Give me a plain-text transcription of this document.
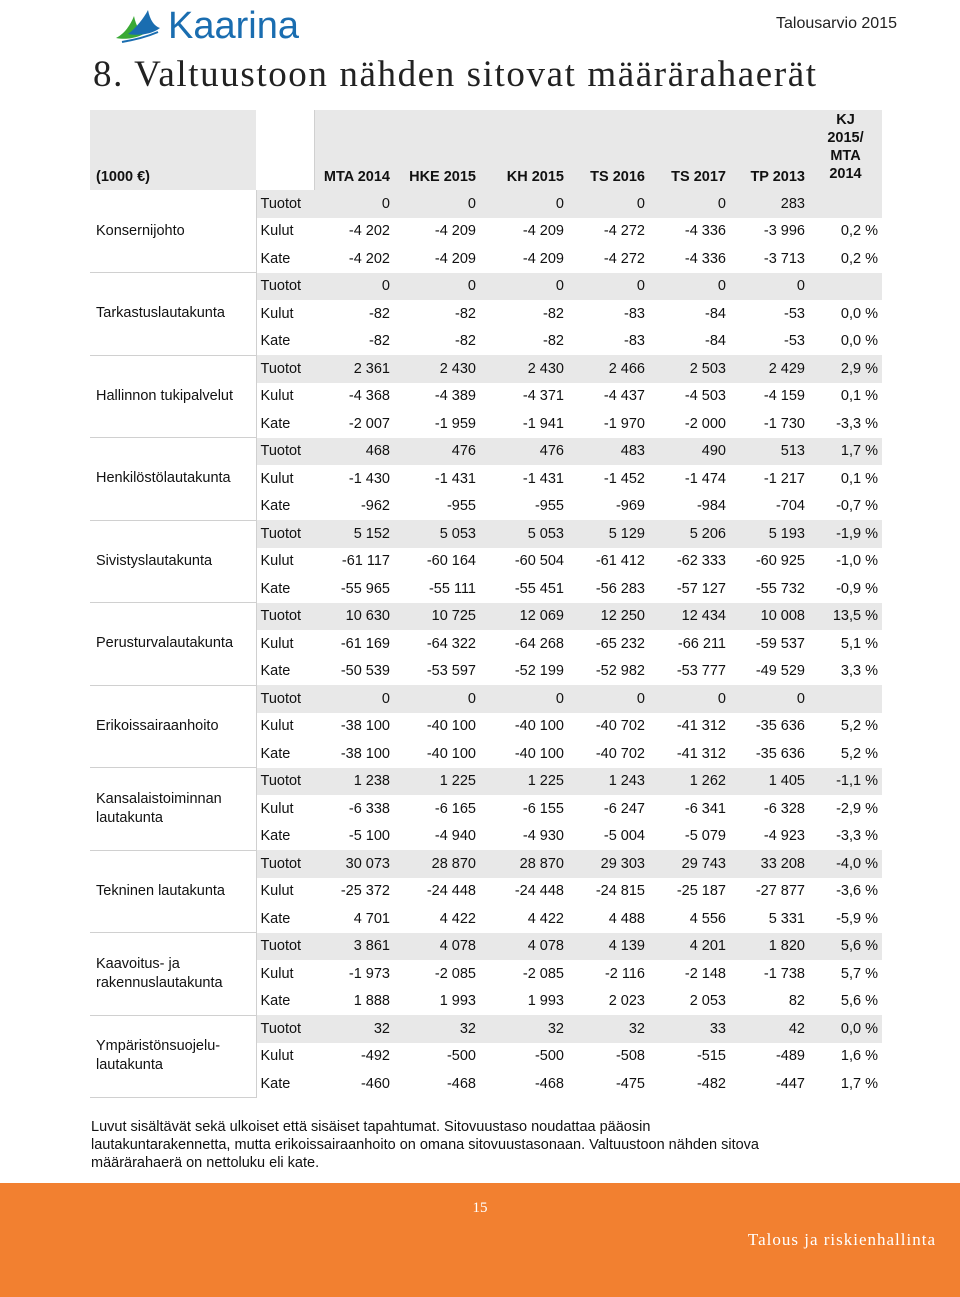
Kaarina	Talousarvio 2015
8. Valtuustoon nähden sitovat määrärahaerät
(1000 €)		MTA 2014	HKE 2015	KH 2015	TS 2016	TS 2017	TP 2013	KJ
2015/
MTA
2014
Konsernijohto	Tuotot	0	0	0	0	0	283	
	Kulut	-4 202	-4 209	-4 209	-4 272	-4 336	-3 996	0,2 %
	Kate	-4 202	-4 209	-4 209	-4 272	-4 336	-3 713	0,2 %
Tarkastuslautakunta	Tuotot	0	0	0	0	0	0	
	Kulut	-82	-82	-82	-83	-84	-53	0,0 %
	Kate	-82	-82	-82	-83	-84	-53	0,0 %
Hallinnon tukipalvelut	Tuotot	2 361	2 430	2 430	2 466	2 503	2 429	2,9 %
	Kulut	-4 368	-4 389	-4 371	-4 437	-4 503	-4 159	0,1 %
	Kate	-2 007	-1 959	-1 941	-1 970	-2 000	-1 730	-3,3 %
Henkilöstölautakunta	Tuotot	468	476	476	483	490	513	1,7 %
	Kulut	-1 430	-1 431	-1 431	-1 452	-1 474	-1 217	0,1 %
	Kate	-962	-955	-955	-969	-984	-704	-0,7 %
Sivistyslautakunta	Tuotot	5 152	5 053	5 053	5 129	5 206	5 193	-1,9 %
	Kulut	-61 117	-60 164	-60 504	-61 412	-62 333	-60 925	-1,0 %
	Kate	-55 965	-55 111	-55 451	-56 283	-57 127	-55 732	-0,9 %
Perusturvalautakunta	Tuotot	10 630	10 725	12 069	12 250	12 434	10 008	13,5 %
	Kulut	-61 169	-64 322	-64 268	-65 232	-66 211	-59 537	5,1 %
	Kate	-50 539	-53 597	-52 199	-52 982	-53 777	-49 529	3,3 %
Erikoissairaanhoito	Tuotot	0	0	0	0	0	0	
	Kulut	-38 100	-40 100	-40 100	-40 702	-41 312	-35 636	5,2 %
	Kate	-38 100	-40 100	-40 100	-40 702	-41 312	-35 636	5,2 %
Kansalaistoiminnan
lautakunta	Tuotot	1 238	1 225	1 225	1 243	1 262	1 405	-1,1 %
	Kulut	-6 338	-6 165	-6 155	-6 247	-6 341	-6 328	-2,9 %
	Kate	-5 100	-4 940	-4 930	-5 004	-5 079	-4 923	-3,3 %
Tekninen lautakunta	Tuotot	30 073	28 870	28 870	29 303	29 743	33 208	-4,0 %
	Kulut	-25 372	-24 448	-24 448	-24 815	-25 187	-27 877	-3,6 %
	Kate	4 701	4 422	4 422	4 488	4 556	5 331	-5,9 %
Kaavoitus- ja
rakennuslautakunta	Tuotot	3 861	4 078	4 078	4 139	4 201	1 820	5,6 %
	Kulut	-1 973	-2 085	-2 085	-2 116	-2 148	-1 738	5,7 %
	Kate	1 888	1 993	1 993	2 023	2 053	82	5,6 %
Ympäristönsuojelu-
lautakunta	Tuotot	32	32	32	32	33	42	0,0 %
	Kulut	-492	-500	-500	-508	-515	-489	1,6 %
	Kate	-460	-468	-468	-475	-482	-447	1,7 %
Luvut sisältävät sekä ulkoiset että sisäiset tapahtumat. Sitovuustaso noudattaa pääosin
lautakuntarakennetta, mutta erikoissairaanhoito on omana sitovuustasonaan. Valtuustoon nähden sitova
määrärahaerä on nettoluku eli kate.
15
Talous ja riskienhallinta
